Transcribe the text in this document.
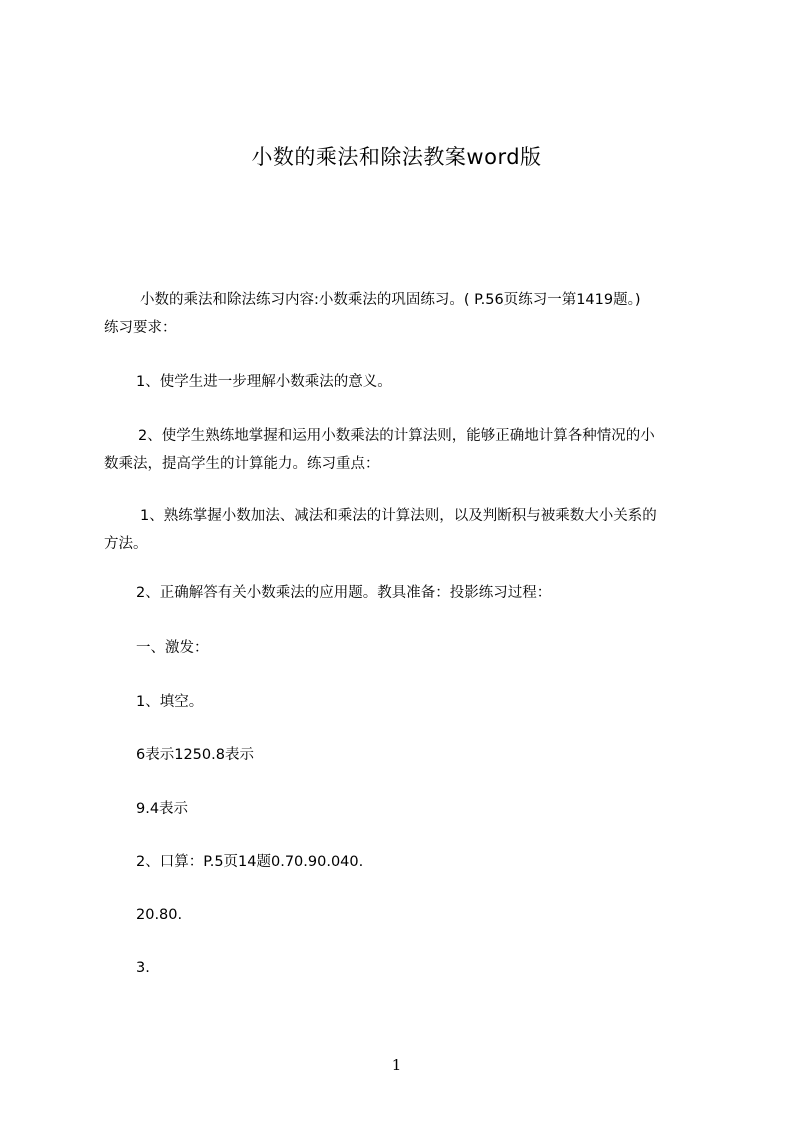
小数的乘法和除法教案word版

小数的乘法和除法练习内容:小数乘法的巩固练习。( P.56页练习一第1419题。)

练习要求：

1、使学生进一步理解小数乘法的意义。

2、使学生熟练地掌握和运用小数乘法的计算法则，能够正确地计算各种情况的小

数乘法，提高学生的计算能力。练习重点：

1、熟练掌握小数加法、减法和乘法的计算法则，以及判断积与被乘数大小关系的

方法。

2、正确解答有关小数乘法的应用题。教具准备：投影练习过程：

一、激发：

1、填空。

6表示1250.8表示

9.4表示

2、口算：P.5页14题0.70.90.040.

20.80.

3.

1
